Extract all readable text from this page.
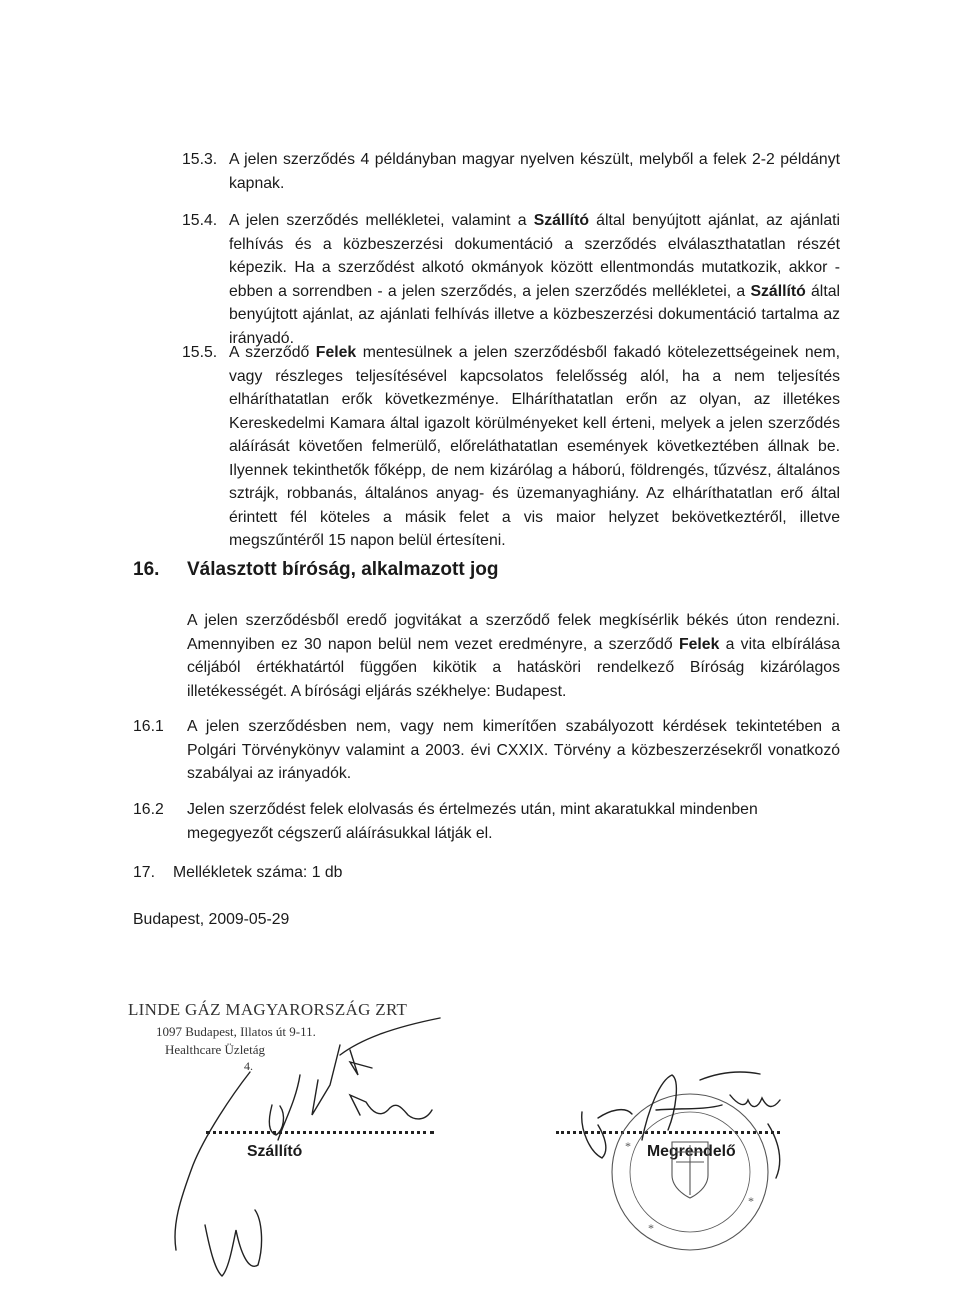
15.3. A jelen szerződés 4 példányban magyar nyelven készült, melyből a felek 2-2 példányt kapnak.
15.4. A jelen szerződés mellékletei, valamint a Szállító által benyújtott ajánlat, az ajánlati felhívás és a közbeszerzési dokumentáció a szerződés elválaszthatatlan részét képezik. Ha a szerződést alkotó okmányok között ellentmondás mutatkozik, akkor - ebben a sorrendben - a jelen szerződés, a jelen szerződés mellékletei, a Szállító által benyújtott ajánlat, az ajánlati felhívás illetve a közbeszerzési dokumentáció tartalma az irányadó.
15.5. A szerződő Felek mentesülnek a jelen szerződésből fakadó kötelezettségeinek nem, vagy részleges teljesítésével kapcsolatos felelősség alól, ha a nem teljesítés elháríthatatlan erők következménye. Elháríthatatlan erőn az olyan, az illetékes Kereskedelmi Kamara által igazolt körülményeket kell érteni, melyek a jelen szerződés aláírását követően felmerülő, előreláthatatlan események következtében állnak be. Ilyennek tekinthetők főképp, de nem kizárólag a háború, földrengés, tűzvész, általános sztrájk, robbanás, általános anyag- és üzemanyaghiány. Az elháríthatatlan erő által érintett fél köteles a másik felet a vis maior helyzet bekövetkeztéről, illetve megszűntéről 15 napon belül értesíteni.
16. Választott bíróság, alkalmazott jog
A jelen szerződésből eredő jogvitákat a szerződő felek megkísérlik békés úton rendezni. Amennyiben ez 30 napon belül nem vezet eredményre, a szerződő Felek a vita elbírálása céljából értékhatártól függően kikötik a hatásköri rendelkező Bíróság kizárólagos illetékességét. A bírósági eljárás székhelye: Budapest.
16.1 A jelen szerződésben nem, vagy nem kimerítően szabályozott kérdések tekintetében a Polgári Törvénykönyv valamint a 2003. évi CXXIX. Törvény a közbeszerzésekről vonatkozó szabályai az irányadók.
16.2 Jelen szerződést felek elolvasás és értelmezés után, mint akaratukkal mindenben megegyezőt cégszerű aláírásukkal látják el.
17. Mellékletek száma: 1 db
Budapest, 2009-05-29
LINDE GÁZ MAGYARORSZÁG ZRT
1097 Budapest, Illatos út 9-11.
Healthcare Üzletág
4.
Szállító	Megrendelő
*
*
*
